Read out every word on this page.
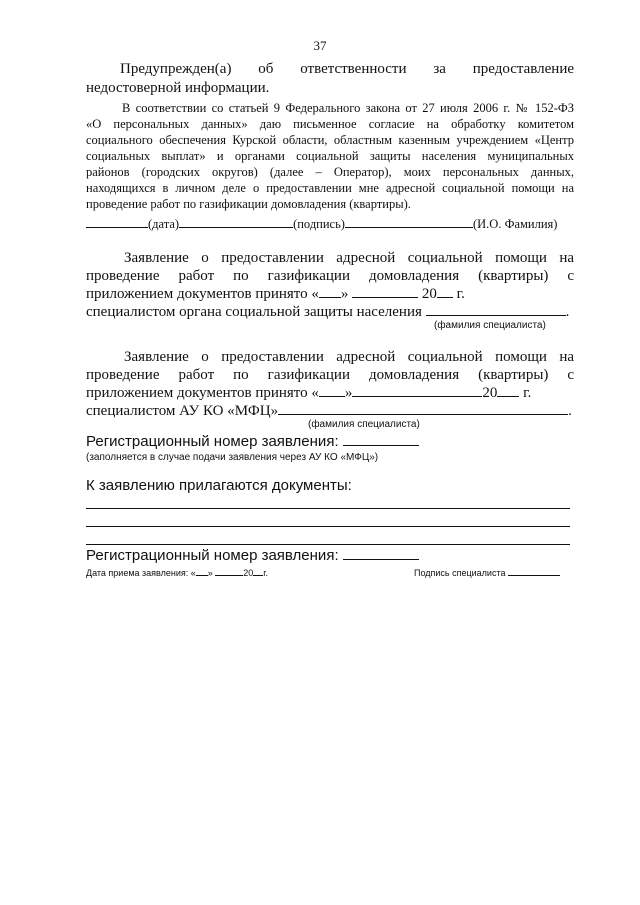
37
Предупрежден(а) об ответственности за предоставление
недостоверной информации.
В соответствии со статьей 9 Федерального закона от 27 июля 2006 г. № 152-ФЗ
«О персональных данных» даю письменное согласие на обработку комитетом
социального обеспечения Курской области, областным казенным учреждением «Центр
социальных выплат» и органами социальной защиты населения муниципальных
районов (городских округов) (далее – Оператор), моих персональных данных,
находящихся в личном деле о предоставлении мне адресной социальной помощи на
проведение работ по газификации домовладения (квартиры).
(дата)	(подпись)	(И.О. Фамилия)
Заявление о предоставлении адресной социальной помощи на
проведение работ по газификации домовладения (квартиры) с
приложением документов принято « »	20 г.
специалистом органа социальной защиты населения	.
(фамилия специалиста)
Заявление о предоставлении адресной социальной помощи на
проведение работ по газификации домовладения (квартиры) с
приложением документов принято « »	20 г.
специалистом АУ КО «МФЦ»	.
(фамилия специалиста)
Регистрационный номер заявления:
(заполняется в случае подачи заявления через АУ КО «МФЦ»)
К заявлению прилагаются документы:
Регистрационный номер заявления:
Дата приема заявления: « »	20 г.	Подпись специалиста
